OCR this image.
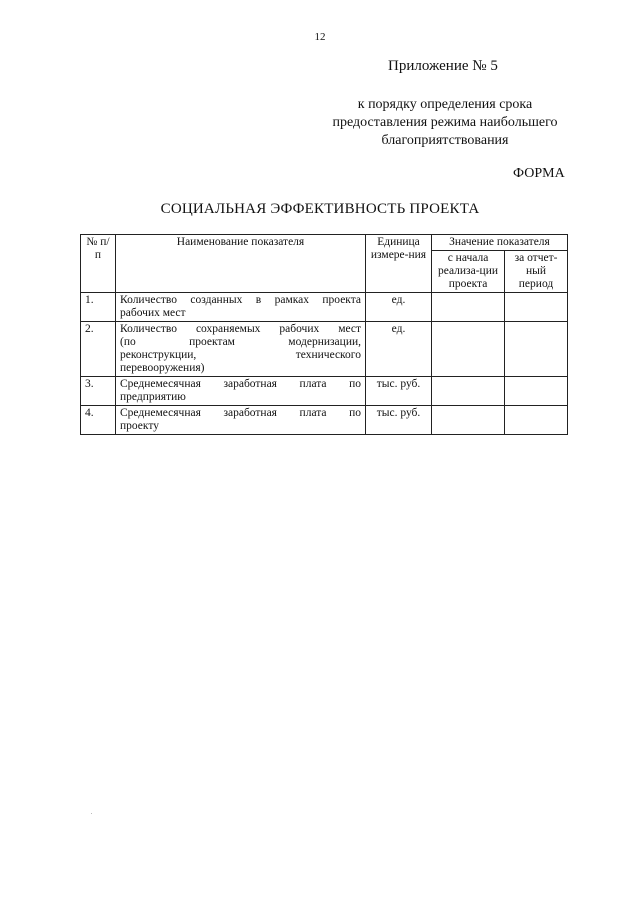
12
Приложение № 5
к порядку определения срока
предоставления режима наибольшего
благоприятствования
ФОРМА
СОЦИАЛЬНАЯ ЭФФЕКТИВНОСТЬ ПРОЕКТА
№ п/п	Наименование показателя	Единица измере-ния	Значение показателя	
			с начала реализа-ции проекта	за отчет-ный период
1.	Количество созданных в рамках проекта
рабочих мест	ед.		
2.	Количество сохраняемых рабочих мест
(по проектам модернизации,
реконструкции, технического
перевооружения)	ед.		
3.	Среднемесячная заработная плата по
предприятию	тыс. руб.		
4.	Среднемесячная заработная плата по
проекту	тыс. руб.		
